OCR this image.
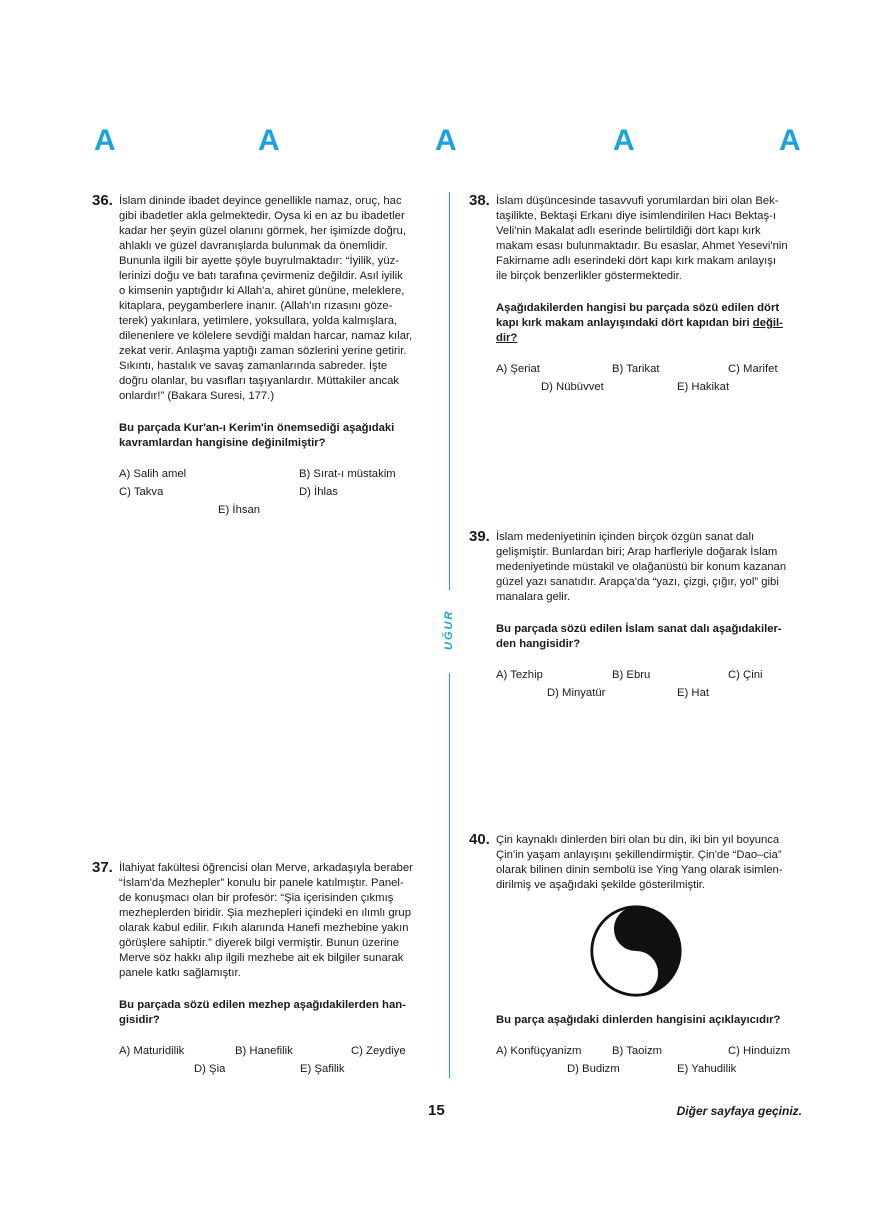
A	A	A	A	A
UĞUR
36. İslam dininde ibadet deyince genellikle namaz, oruç, hac
gibi ibadetler akla gelmektedir. Oysa ki en az bu ibadetler
kadar her şeyin güzel olanını görmek, her işimizde doğru,
ahlaklı ve güzel davranışlarda bulunmak da önemlidir.
Bununla ilgili bir ayette şöyle buyrulmaktadır: “İyilik, yüz-
lerinizi doğu ve batı tarafına çevirmeniz değildir. Asıl iyilik
o kimsenin yaptığıdır ki Allah'a, ahiret gününe, meleklere,
kitaplara, peygamberlere inanır. (Allah'ın rızasını göze-
terek) yakınlara, yetimlere, yoksullara, yolda kalmışlara,
dilenenlere ve kölelere sevdiği maldan harcar, namaz kılar,
zekat verir. Anlaşma yaptığı zaman sözlerini yerine getirir.
Sıkıntı, hastalık ve savaş zamanlarında sabreder. İşte
doğru olanlar, bu vasıfları taşıyanlardır. Müttakiler ancak
onlardır!” (Bakara Suresi, 177.)
Bu parçada Kur'an-ı Kerim'in önemsediği aşağıdaki
kavramlardan hangisine değinilmiştir?
A) Salih amel	B) Sırat-ı müstakim
C) Takva	D) İhlas
E) İhsan
37. İlahiyat fakültesi öğrencisi olan Merve, arkadaşıyla beraber
“İslam'da Mezhepler” konulu bir panele katılmıştır. Panel-
de konuşmacı olan bir profesör: “Şia içerisinden çıkmış
mezheplerden biridir. Şia mezhepleri içindeki en ılımlı grup
olarak kabul edilir. Fıkıh alanında Hanefi mezhebine yakın
görüşlere sahiptir.” diyerek bilgi vermiştir. Bunun üzerine
Merve söz hakkı alıp ilgili mezhebe ait ek bilgiler sunarak
panele katkı sağlamıştır.
Bu parçada sözü edilen mezhep aşağıdakilerden han-
gisidir?
A) Maturidilik	B) Hanefilik	C) Zeydiye
D) Şia	E) Şafilik
38. İslam düşüncesinde tasavvufi yorumlardan biri olan Bek-
taşilikte, Bektaşi Erkanı diye isimlendirilen Hacı Bektaş-ı
Veli'nin Makalat adlı eserinde belirtildiği dört kapı kırk
makam esası bulunmaktadır. Bu esaslar, Ahmet Yesevi'nin
Fakirname adlı eserindeki dört kapı kırk makam anlayışı
ile birçok benzerlikler göstermektedir.
Aşağıdakilerden hangisi bu parçada sözü edilen dört
kapı kırk makam anlayışındaki dört kapıdan biri değil-
dir?
A) Şeriat	B) Tarikat	C) Marifet
D) Nübüvvet	E) Hakikat
39. İslam medeniyetinin içinden birçok özgün sanat dalı
gelişmiştir. Bunlardan biri; Arap harfleriyle doğarak İslam
medeniyetinde müstakil ve olağanüstü bir konum kazanan
güzel yazı sanatıdır. Arapça'da “yazı, çizgi, çığır, yol” gibi
manalara gelir.
Bu parçada sözü edilen İslam sanat dalı aşağıdakiler-
den hangisidir?
A) Tezhip	B) Ebru	C) Çini
D) Minyatür	E) Hat
40. Çin kaynaklı dinlerden biri olan bu din, iki bin yıl boyunca
Çin'in yaşam anlayışını şekillendirmiştir. Çin'de “Dao–cia”
olarak bilinen dinin sembolü ise Ying Yang olarak isimlen-
dirilmiş ve aşağıdaki şekilde gösterilmiştir.
Bu parça aşağıdaki dinlerden hangisini açıklayıcıdır?
A) Konfüçyanizm	B) Taoizm	C) Hinduizm
D) Budizm	E) Yahudilik
15	Diğer sayfaya geçiniz.
